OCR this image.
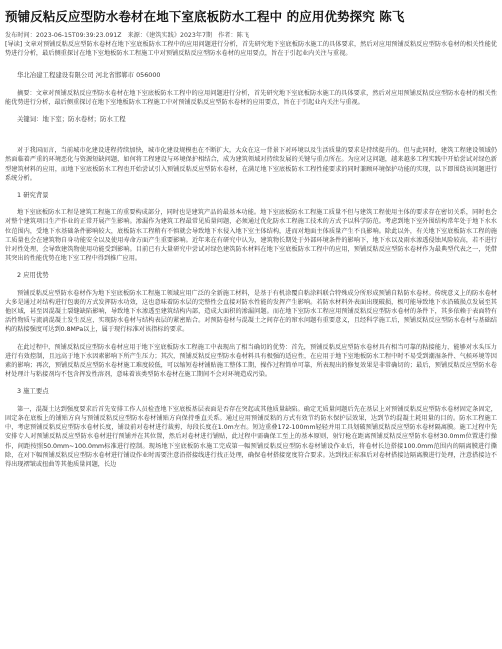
预铺反粘反应型防水卷材在地下室底板防水工程中 的应用优势探究 陈飞
发布时间：2023-06-15T09:39:23.091Z 来源：《建筑实践》2023年7期 作者：陈飞

[导读] 文章对预铺反粘反应型防水卷材在地下室底板防水工程中的应用问题进行分析，首先研究地下室底板防水施工的具体要求，然后对应用预铺反粘反应型防水卷材的相关性能优势进行分析，最后侧重探讨在地下室地板防水工程施工中对预铺反粘反应型防水卷材的应用要点，旨在于引起业内关注与重视。

华北冶建工程建设有限公司 河北省邯郸市 056000

摘要：文章对预铺反粘反应型防水卷材在地下室底板防水工程中的应用问题进行分析，首先研究地下室底板防水施工的具体要求，然后对应用预铺反粘反应型防水卷材的相关性能优势进行分析，最后侧重探讨在地下室地板防水工程施工中对预铺反粘反应型防水卷材的应用要点，旨在于引起业内关注与重视。

关键词：地下室；防水卷材；防水工程

对于我国而言，当前城市化建设进程持续加快，城市化建设规模也在不断扩大，大众在这一背景下对环境以及生活质量的要求是持续提升的。但与此同时，建筑工程建设领域仍然面临着严重的环境恶化与资源短缺问题，如何将工程建设与环境保护相结合，成为建筑领域对持续发展的关键与重点所在。为应对这问题，越来越多工程实践中开始尝试对绿色新型建筑材料的应用，而地下室底板防水工程也开始尝试引入预铺反粘反应型防水卷材，在满足地下室底板防水工程性能要求的同时兼顾环境保护功能的实现，以下即围绕该问题进行系统分析。

1 研究背景

地下室底板防水工程是建筑工程施工的重要构成部分，同时也是建筑产品的最基本功能。地下室底板防水工程施工质量不但与建筑工程使用主体的要求存在密切关系，同时也会对整个建筑项目生产作业的正常开展产生影响。渗漏作为建筑工程最常见质量问题，必须通过优化防水工程施工技术的方式予以科学防范。考虑到地下室外围结构常年处于地下水水位范围内，受地下水基础条件影响较大，底板防水工程稍有不慎就会导致地下水侵入地下室主体结构，进而对地面主体质量产生不良影响。除此以外，有关地下室底板防水工程的施工质量也会在建筑物自身功能安全以及使用寿命方面产生重要影响。近年来在有研究中认为，建筑物长期处于外部环境条件的影响下，地下水以及雨水渗透侵蚀风险较高，若不进行针对性处理，会导致建筑物使用功能受到影响。目前已有大量研究中尝试对绿色建筑防水材料在地下室底板防水工程中的应用，预铺反粘反应型防水卷材作为最典型代表之一，凭借其突出的性能优势在地下室工程中得到推广应用。

2 应用优势

预铺反粘反应型防水卷材作为地下室底板防水工程施工领域应用广泛的全新施工材料，是基于有机涂覆自粘涂料联合特殊成分所形成预铺自粘防水卷材。传统意义上的防水卷材大多是通过对结构进行包裹的方式发挥防水功效，这也意味着防水层的完整性会直接对防水性能的发挥产生影响。若防水材料外表面出现破损，极可能导致地下水沿破损点发展至其他区域，甚至因混凝土裂缝缺陷影响，导致地下水渗透至建筑结构内部，造成大面积的渗漏问题。而在地下室防水工程应用预铺反粘反应型防水卷材的条件下，其多依赖于表面特有活性物质与流淌混凝土发生反应，实现防水卷材与结构表层的紧密贴合。对预防卷材与混凝土之间存在的窜水问题有重要意义，且经科学施工后，预铺反粘反应型防水卷材与基础结构的粘接强度可达到0.8MPa以上，属于现行标准对该指标的要求。

在此过程中，预铺反粘反应型防水卷材应用于地下室底板防水工程施工中表现出了相当确切的优势：首先，预铺反粘反应型防水卷材具有相当可靠的粘接能力，能够对水头压力进行有效控制，且远高于地下水因素影响下所产生压力；其次，预铺反粘反应型防水卷材料具有极强的适应性，在应用于地下室地板防水工程中时不易受到潮湿条件、气候环境等因素的影响；再次，预铺反粘反应型防水卷材施工难度较低，可以缩短卷材铺贴施工整体工期，操作过程简单可靠，所表现出的修复效果是非常确切的；最后，预铺反粘反应型防水卷材处理计与粘接剂均不包含挥发性溶剂，意味着该类型防水卷材在施工期间不会对环境造成污染。

3 施工要点

第一，混凝土达到强度要求后首先安排工作人员检查地下室底板基层表面是否存在突起或其他质量缺陷。确定无质量问题后先在基层上对预铺反粘反应型防水卷材固定条固定，固定条在底板上的铺贴方向与预铺反粘反应型防水卷材铺贴方向保持垂直关系。通过应用预铺反粘的方式有效节约防水保护层效果，达到节约混凝土耗用量的目的。防水工程施工中，考虑预铺反粘反应型防水卷材长度，铺设前对卷材进行裁剪，每段长度在1.0m左右。短边重叠172-100mm轻轻并用工具划破预铺反粘反应型防水卷材隔离膜。施工过程中先安排专人对预铺反粘反应型防水卷材进行预铺并在其位置，然后对卷材进行铺贴，此过程中需确保工至上的基本原则，射钉枪在距离预铺反粘反应型防水卷材30.0mm位置进行操作，间距按照50.0mm~100.0mm标准进行控制。现场地下室底板防水施工完成第一幅预铺反粘反应型防水卷材铺设作业后，将卷材长边搭接100.0mm范围内的隔离膜进行撕除，在对下幅预铺反粘反应型防水卷材进行铺设作业时需要注意沿搭接线进行找正处理，确保卷材搭接宽度符合要求。达到找正标准后对卷材搭接边隔离膜进行处理，注意搭接边不得出现褶皱或扭曲等其他质量问题，长边
